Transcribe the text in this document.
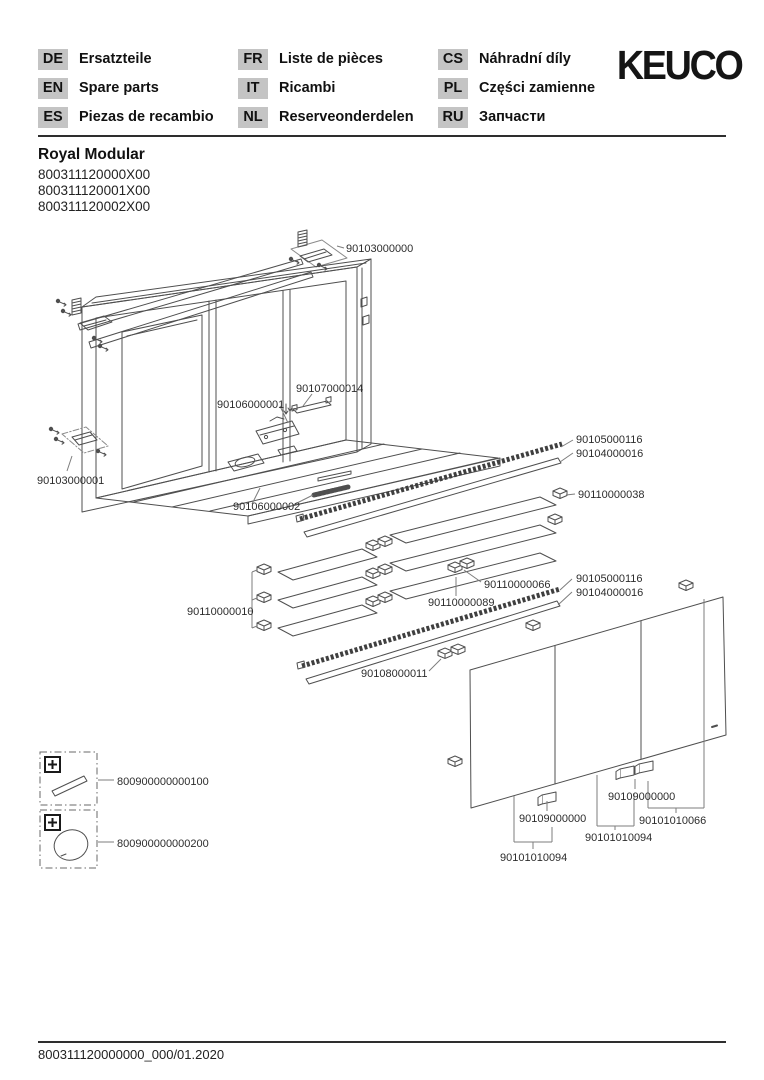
DE Ersatzteile
EN Spare parts
ES Piezas de recambio
FR Liste de pièces
IT Ricambi
NL Reserveonderdelen
CS Náhradní díly
PL Części zamienne
RU Запчасти
KEUCO
Royal Modular
800311120000X00
800311120001X00
800311120002X00
90103000000
90103000001
90106000001
90107000014
90105000116
90104000016
90110000038
90106000002
90110000066
90110000089
90105000116
90104000016
90110000010
90108000011
90109000000
90109000000	90101010066
90101010094
90101010094
800900000000100
800900000000200
800311120000000_000/01.2020
